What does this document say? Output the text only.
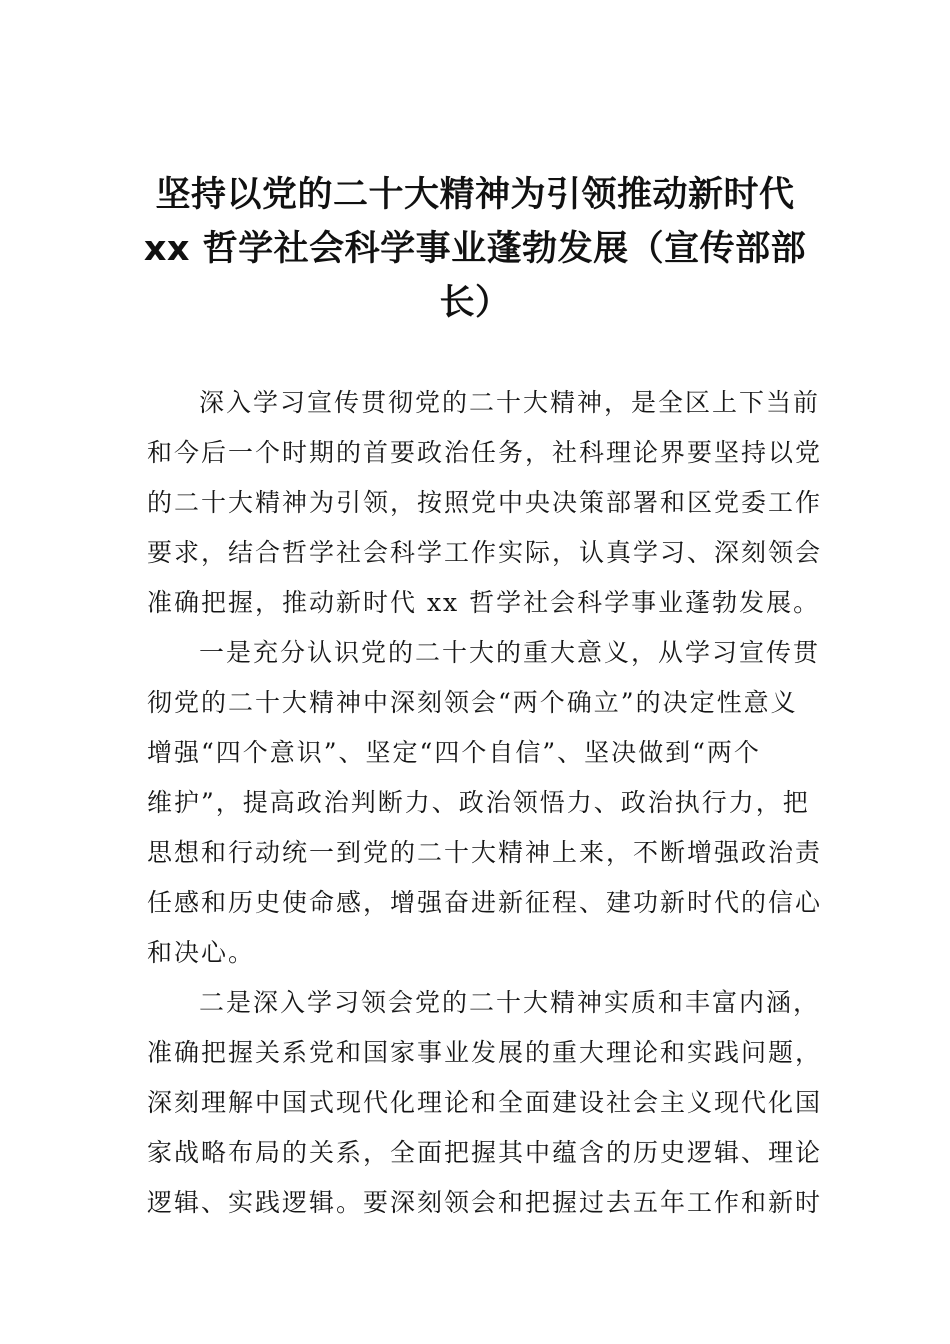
坚持以党的二十大精神为引领推动新时代
xx 哲学社会科学事业蓬勃发展（宣传部部
长）

深入学习宣传贯彻党的二十大精神，是全区上下当前
和今后一个时期的首要政治任务，社科理论界要坚持以党
的二十大精神为引领，按照党中央决策部署和区党委工作
要求，结合哲学社会科学工作实际，认真学习、深刻领会
准确把握，推动新时代 xx 哲学社会科学事业蓬勃发展。

一是充分认识党的二十大的重大意义，从学习宣传贯
彻党的二十大精神中深刻领会“两个确立”的决定性意义
增强“四个意识”、坚定“四个自信”、坚决做到“两个
维护”，提高政治判断力、政治领悟力、政治执行力，把
思想和行动统一到党的二十大精神上来，不断增强政治责
任感和历史使命感，增强奋进新征程、建功新时代的信心
和决心。

二是深入学习领会党的二十大精神实质和丰富内涵，
准确把握关系党和国家事业发展的重大理论和实践问题，
深刻理解中国式现代化理论和全面建设社会主义现代化国
家战略布局的关系，全面把握其中蕴含的历史逻辑、理论
逻辑、实践逻辑。要深刻领会和把握过去五年工作和新时
